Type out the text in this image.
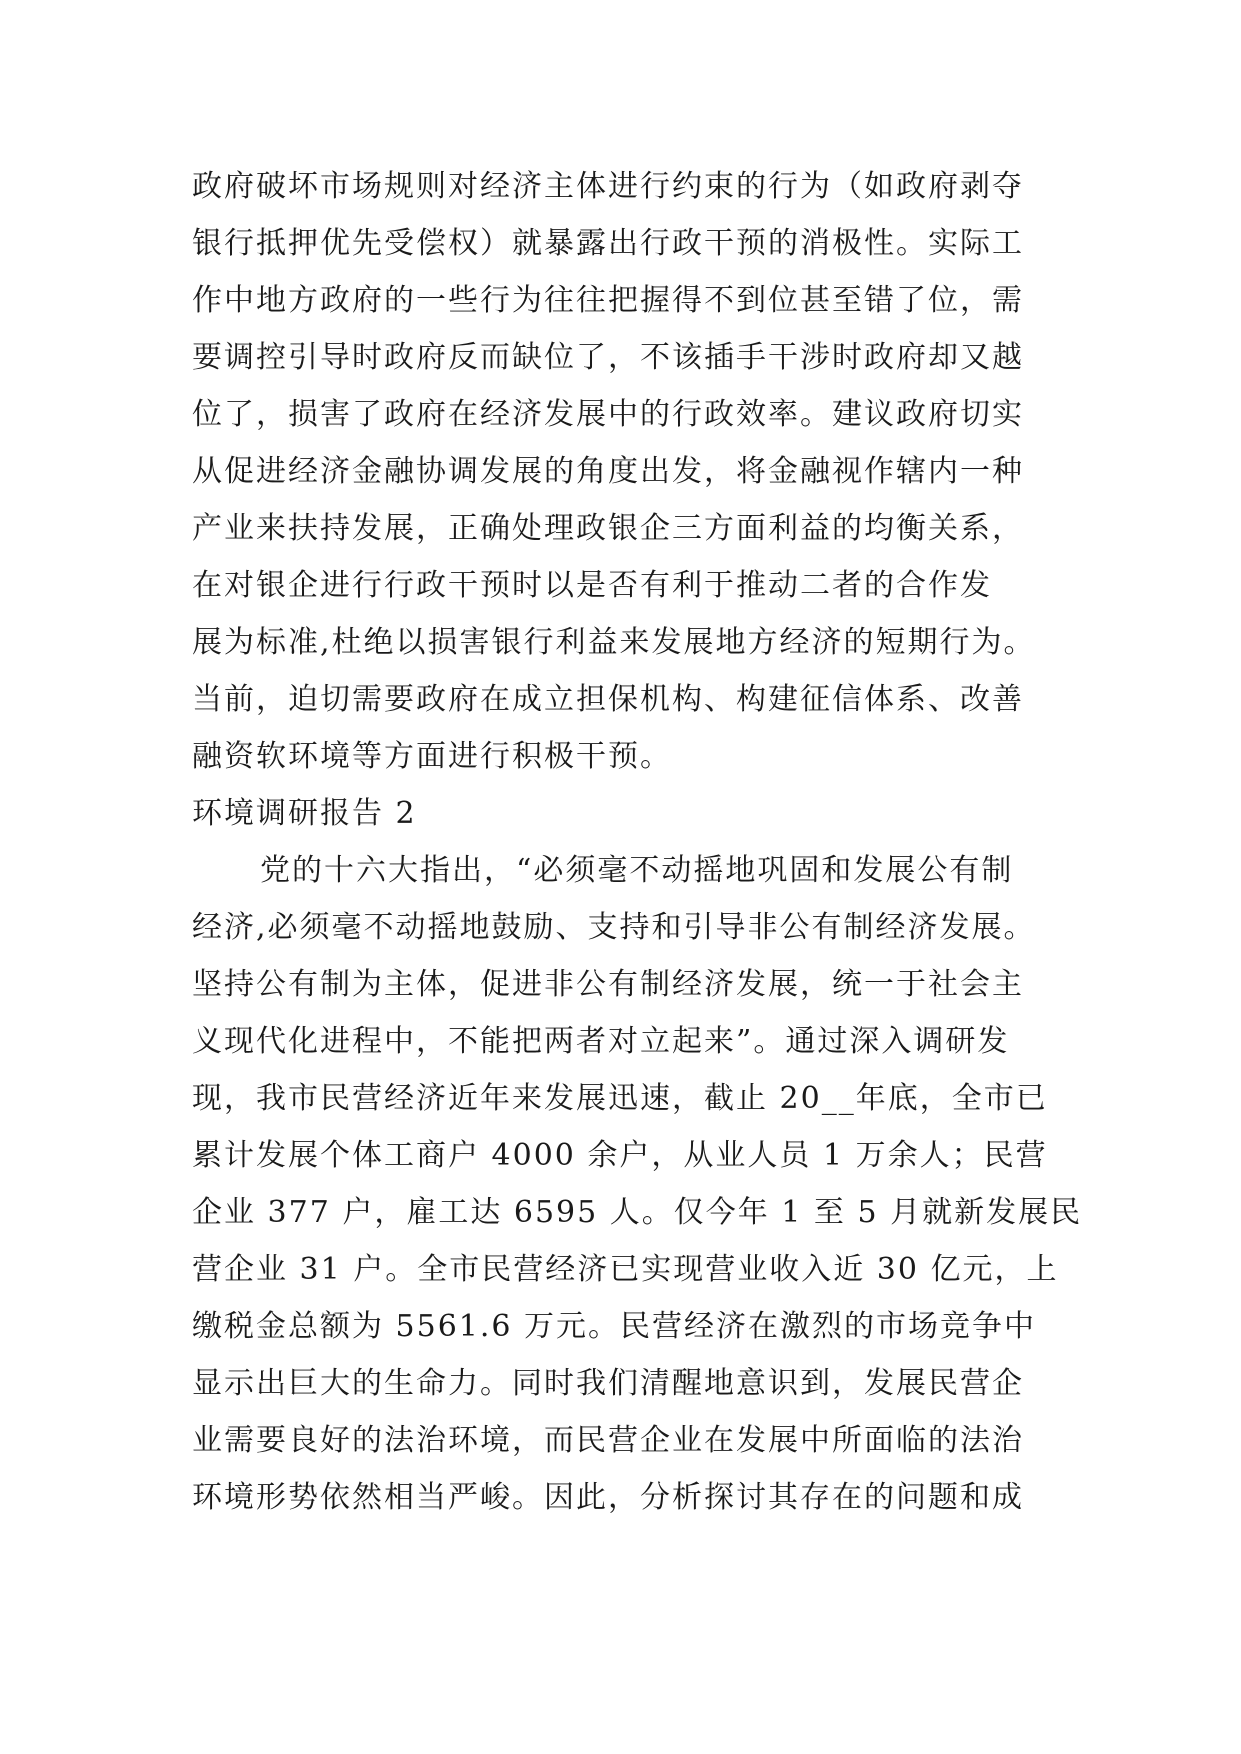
政府破坏市场规则对经济主体进行约束的行为（如政府剥夺
银行抵押优先受偿权）就暴露出行政干预的消极性。实际工
作中地方政府的一些行为往往把握得不到位甚至错了位，需
要调控引导时政府反而缺位了，不该插手干涉时政府却又越
位了，损害了政府在经济发展中的行政效率。建议政府切实
从促进经济金融协调发展的角度出发，将金融视作辖内一种
产业来扶持发展，正确处理政银企三方面利益的均衡关系，
在对银企进行行政干预时以是否有利于推动二者的合作发
展为标准,杜绝以损害银行利益来发展地方经济的短期行为。
当前，迫切需要政府在成立担保机构、构建征信体系、改善
融资软环境等方面进行积极干预。
环境调研报告 2
党的十六大指出，“必须毫不动摇地巩固和发展公有制
经济,必须毫不动摇地鼓励、支持和引导非公有制经济发展。
坚持公有制为主体，促进非公有制经济发展，统一于社会主
义现代化进程中，不能把两者对立起来”。通过深入调研发
现，我市民营经济近年来发展迅速，截止 20__年底，全市已
累计发展个体工商户 4000 余户，从业人员 1 万余人；民营
企业 377 户，雇工达 6595 人。仅今年 1 至 5 月就新发展民
营企业 31 户。全市民营经济已实现营业收入近 30 亿元，上
缴税金总额为 5561.6 万元。民营经济在激烈的市场竞争中
显示出巨大的生命力。同时我们清醒地意识到，发展民营企
业需要良好的法治环境，而民营企业在发展中所面临的法治
环境形势依然相当严峻。因此，分析探讨其存在的问题和成
